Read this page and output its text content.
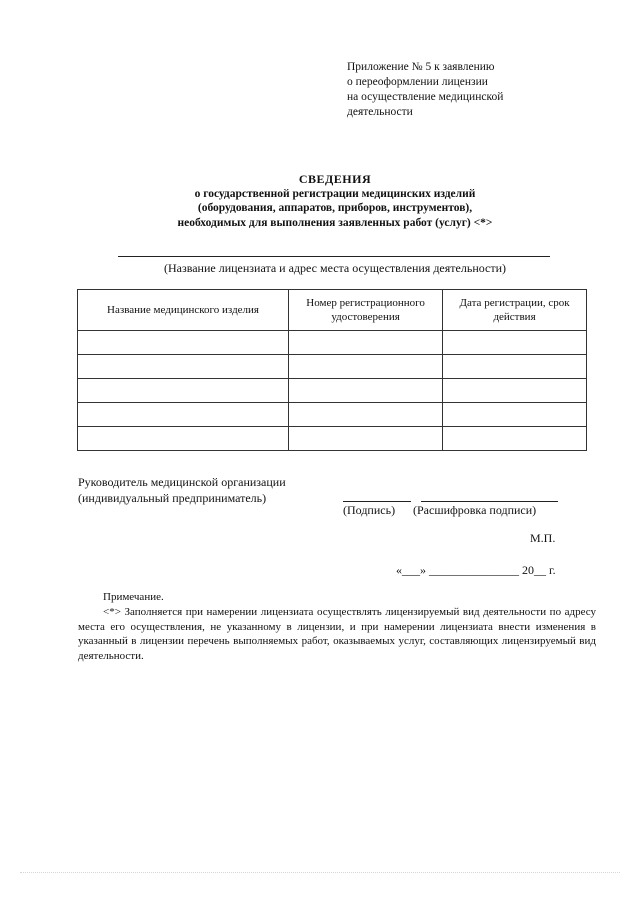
Приложение № 5 к заявлению
о переоформлении лицензии
на осуществление медицинской
деятельности
СВЕДЕНИЯ
о государственной регистрации медицинских изделий
(оборудования, аппаратов, приборов, инструментов),
необходимых для выполнения заявленных работ (услуг) <*>
(Название лицензиата и адрес места осуществления деятельности)
Название медицинского изделия	Номер регистрационного удостоверения	Дата регистрации, срок действия

Руководитель медицинской организации
(индивидуальный предприниматель)
(Подпись) (Расшифровка подписи)
М.П.
«___» _______________ 20__ г.
Примечание.
<*> Заполняется при намерении лицензиата осуществлять лицензируемый вид деятельности по адресу места его осуществления, не указанному в лицензии, и при намерении лицензиата внести изменения в указанный в лицензии перечень выполняемых работ, оказываемых услуг, составляющих лицензируемый вид деятельности.
